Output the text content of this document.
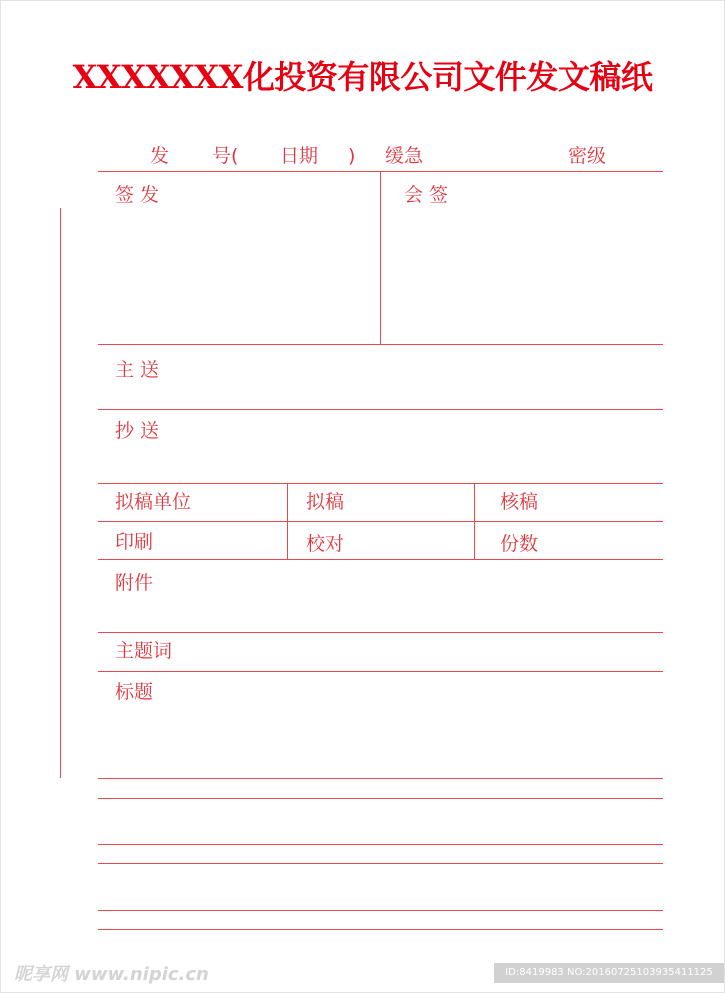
XXXXXXX化投资有限公司文件发文稿纸
发 号( 日期 ) 缓急	密级
签 发	会 签
主 送
抄 送
拟稿单位	拟稿	核稿
印刷	校对	份数
附件
主题词
标题
昵享网 www.nipic.cn	ID:8419983 NO:20160725103935411125
